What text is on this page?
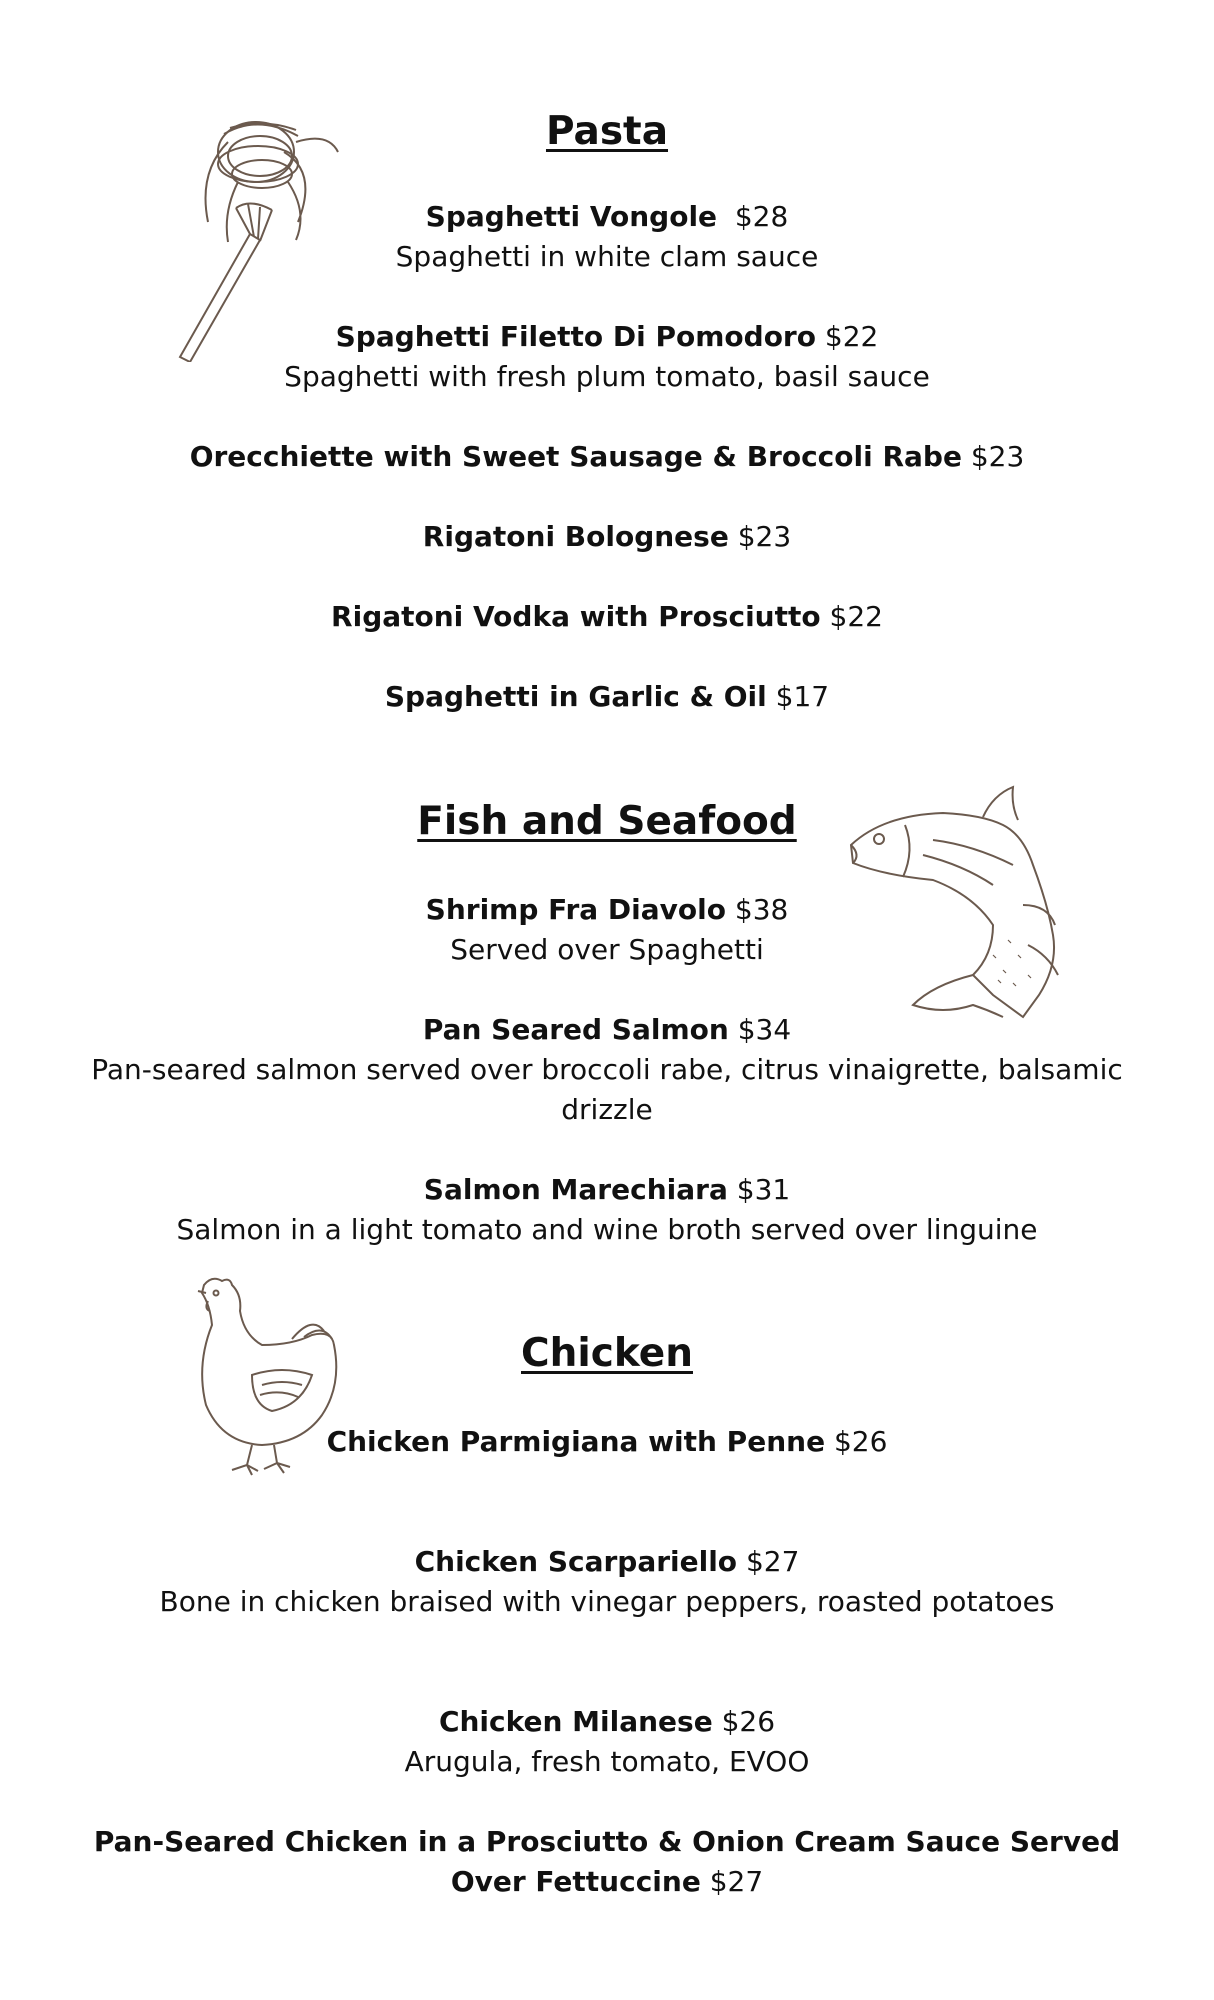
Pasta
Spaghetti Vongole $28
Spaghetti in white clam sauce
Spaghetti Filetto Di Pomodoro $22
Spaghetti with fresh plum tomato, basil sauce
Orecchiette with Sweet Sausage & Broccoli Rabe $23
Rigatoni Bolognese $23
Rigatoni Vodka with Prosciutto $22
Spaghetti in Garlic & Oil $17
Fish and Seafood
Shrimp Fra Diavolo $38
Served over Spaghetti
Pan Seared Salmon $34
Pan-seared salmon served over broccoli rabe, citrus vinaigrette, balsamic drizzle
Salmon Marechiara $31
Salmon in a light tomato and wine broth served over linguine
Chicken
Chicken Parmigiana with Penne $26
Chicken Scarpariello $27
Bone in chicken braised with vinegar peppers, roasted potatoes
Chicken Milanese $26
Arugula, fresh tomato, EVOO
Pan-Seared Chicken in a Prosciutto & Onion Cream Sauce Served Over Fettuccine $27
